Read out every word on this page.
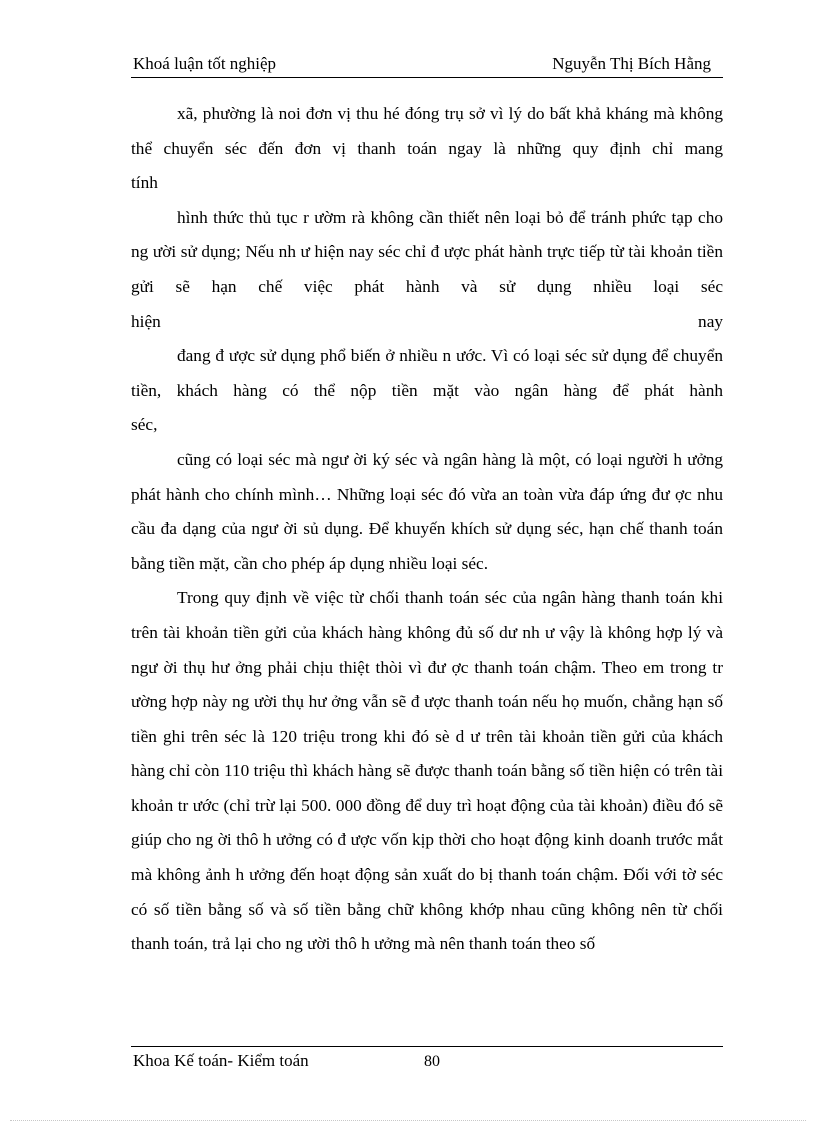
Khoá luận tốt nghiệp	Nguyễn Thị Bích Hằng

xã, phường là noi đơn vị thu hé đóng trụ sở vì lý do bất khả kháng mà không thể chuyển séc đến đơn vị thanh toán ngay là những quy định chỉ mang

tính

hình thức thủ tục r ườm rà không cần thiết nên loại bỏ để tránh phức tạp cho ng ười sử dụng; Nếu nh ư hiện nay séc chỉ đ ược phát hành trực tiếp từ tài khoản tiền gửi sẽ hạn chế việc phát hành và sử dụng nhiều loại séc

hiện	nay

đang đ ược sử dụng phổ biến ở nhiều n ước. Vì có loại séc sử dụng để chuyển tiền, khách hàng có thể nộp tiền mặt vào ngân hàng để phát hành

séc,

cũng có loại séc mà ngư ời ký séc và ngân hàng là một, có loại người h ưởng phát hành cho chính mình… Những loại séc đó vừa an toàn vừa đáp ứng đư ợc nhu cầu đa dạng của ngư ời sủ dụng. Để khuyến khích sử dụng séc, hạn chế thanh toán bằng tiền mặt, cần cho phép áp dụng nhiều loại séc.

Trong quy định về việc từ chối thanh toán séc của ngân hàng thanh toán khi trên tài khoản tiền gửi của khách hàng không đủ số dư nh ư vậy là không hợp lý và ngư ời thụ hư ởng phải chịu thiệt thòi vì đư ợc thanh toán chậm. Theo em trong tr ường hợp này ng ười thụ hư ởng vẫn sẽ đ ược thanh toán nếu họ muốn, chẳng hạn số tiền ghi trên séc là 120 triệu trong khi đó sè d ư trên tài khoản tiền gửi của khách hàng chỉ còn 110 triệu thì khách hàng sẽ được thanh toán bằng số tiền hiện có trên tài khoản tr ước (chỉ trừ lại 500. 000 đồng để duy trì hoạt động của tài khoản) điều đó sẽ giúp cho ng ời thô h ưởng có đ ược vốn kịp thời cho hoạt động kinh doanh trước mắt mà không ảnh h ưởng đến hoạt động sản xuất do bị thanh toán chậm. Đối với tờ séc có số tiền bằng số và số tiền bằng chữ không khớp nhau cũng không nên từ chối thanh toán, trả lại cho ng ười thô h ưởng mà nên thanh toán theo số

Khoa Kế toán- Kiểm toán	80
